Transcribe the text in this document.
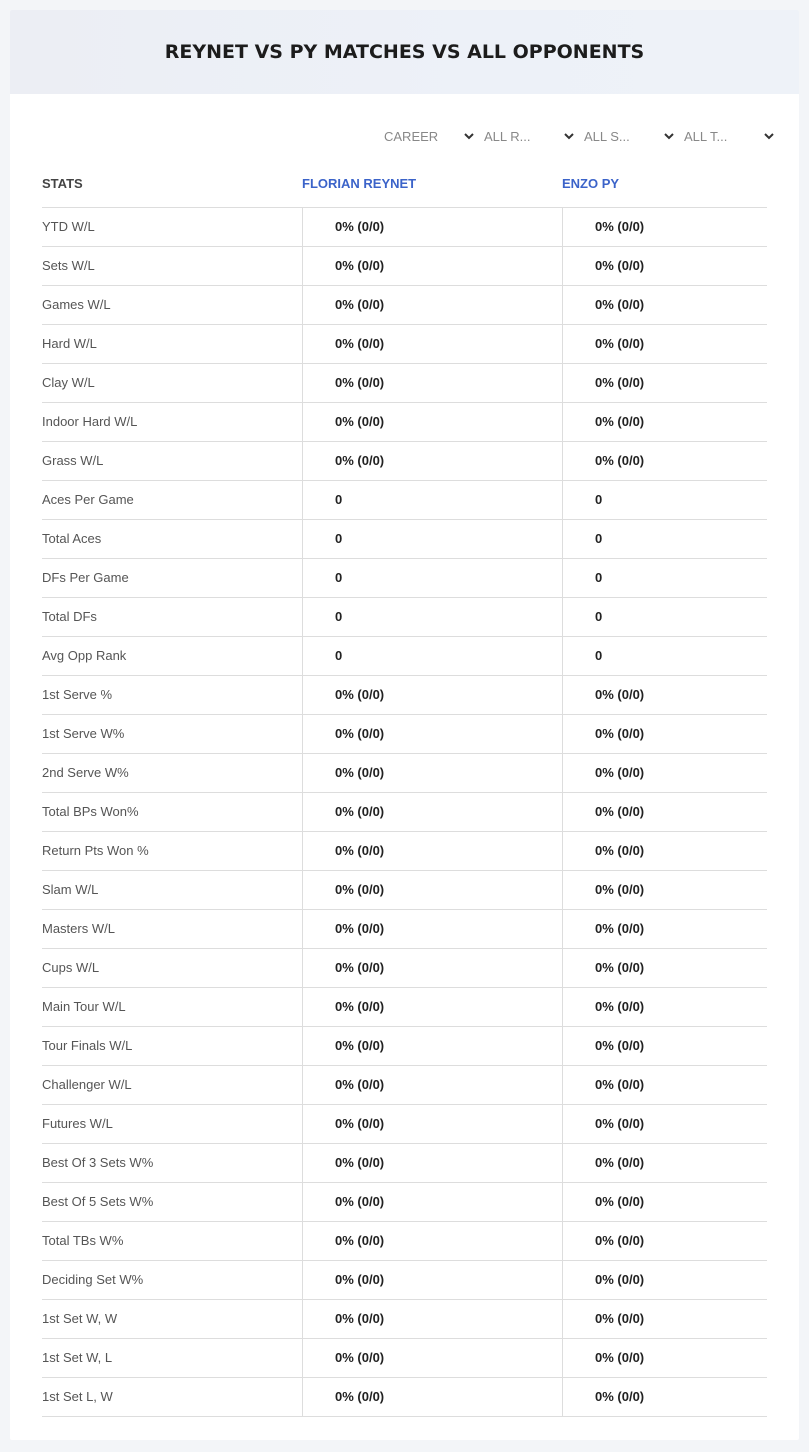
REYNET VS PY MATCHES VS ALL OPPONENTS
CAREER	ALL R...	ALL S...	ALL T...
STATS	FLORIAN REYNET	ENZO PY
YTD W/L	0% (0/0)	0% (0/0)
Sets W/L	0% (0/0)	0% (0/0)
Games W/L	0% (0/0)	0% (0/0)
Hard W/L	0% (0/0)	0% (0/0)
Clay W/L	0% (0/0)	0% (0/0)
Indoor Hard W/L	0% (0/0)	0% (0/0)
Grass W/L	0% (0/0)	0% (0/0)
Aces Per Game	0	0
Total Aces	0	0
DFs Per Game	0	0
Total DFs	0	0
Avg Opp Rank	0	0
1st Serve %	0% (0/0)	0% (0/0)
1st Serve W%	0% (0/0)	0% (0/0)
2nd Serve W%	0% (0/0)	0% (0/0)
Total BPs Won%	0% (0/0)	0% (0/0)
Return Pts Won %	0% (0/0)	0% (0/0)
Slam W/L	0% (0/0)	0% (0/0)
Masters W/L	0% (0/0)	0% (0/0)
Cups W/L	0% (0/0)	0% (0/0)
Main Tour W/L	0% (0/0)	0% (0/0)
Tour Finals W/L	0% (0/0)	0% (0/0)
Challenger W/L	0% (0/0)	0% (0/0)
Futures W/L	0% (0/0)	0% (0/0)
Best Of 3 Sets W%	0% (0/0)	0% (0/0)
Best Of 5 Sets W%	0% (0/0)	0% (0/0)
Total TBs W%	0% (0/0)	0% (0/0)
Deciding Set W%	0% (0/0)	0% (0/0)
1st Set W, W	0% (0/0)	0% (0/0)
1st Set W, L	0% (0/0)	0% (0/0)
1st Set L, W	0% (0/0)	0% (0/0)
